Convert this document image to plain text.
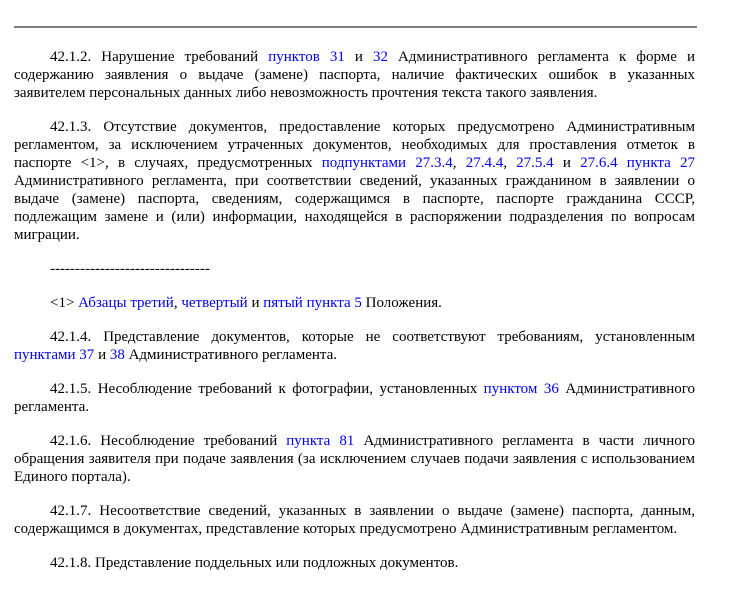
42.1.2. Нарушение требований пунктов 31 и 32 Административного регламента к форме и содержанию заявления о выдаче (замене) паспорта, наличие фактических ошибок в указанных заявителем персональных данных либо невозможность прочтения текста такого заявления.

42.1.3. Отсутствие документов, предоставление которых предусмотрено Административным регламентом, за исключением утраченных документов, необходимых для проставления отметок в паспорте <1>, в случаях, предусмотренных подпунктами 27.3.4, 27.4.4, 27.5.4 и 27.6.4 пункта 27 Административного регламента, при соответствии сведений, указанных гражданином в заявлении о выдаче (замене) паспорта, сведениям, содержащимся в паспорте, паспорте гражданина СССР, подлежащим замене и (или) информации, находящейся в распоряжении подразделения по вопросам миграции.

--------------------------------

<1> Абзацы третий, четвертый и пятый пункта 5 Положения.

42.1.4. Представление документов, которые не соответствуют требованиям, установленным пунктами 37 и 38 Административного регламента.

42.1.5. Несоблюдение требований к фотографии, установленных пунктом 36 Административного регламента.

42.1.6. Несоблюдение требований пункта 81 Административного регламента в части личного обращения заявителя при подаче заявления (за исключением случаев подачи заявления с использованием Единого портала).

42.1.7. Несоответствие сведений, указанных в заявлении о выдаче (замене) паспорта, данным, содержащимся в документах, представление которых предусмотрено Административным регламентом.

42.1.8. Представление поддельных или подложных документов.
